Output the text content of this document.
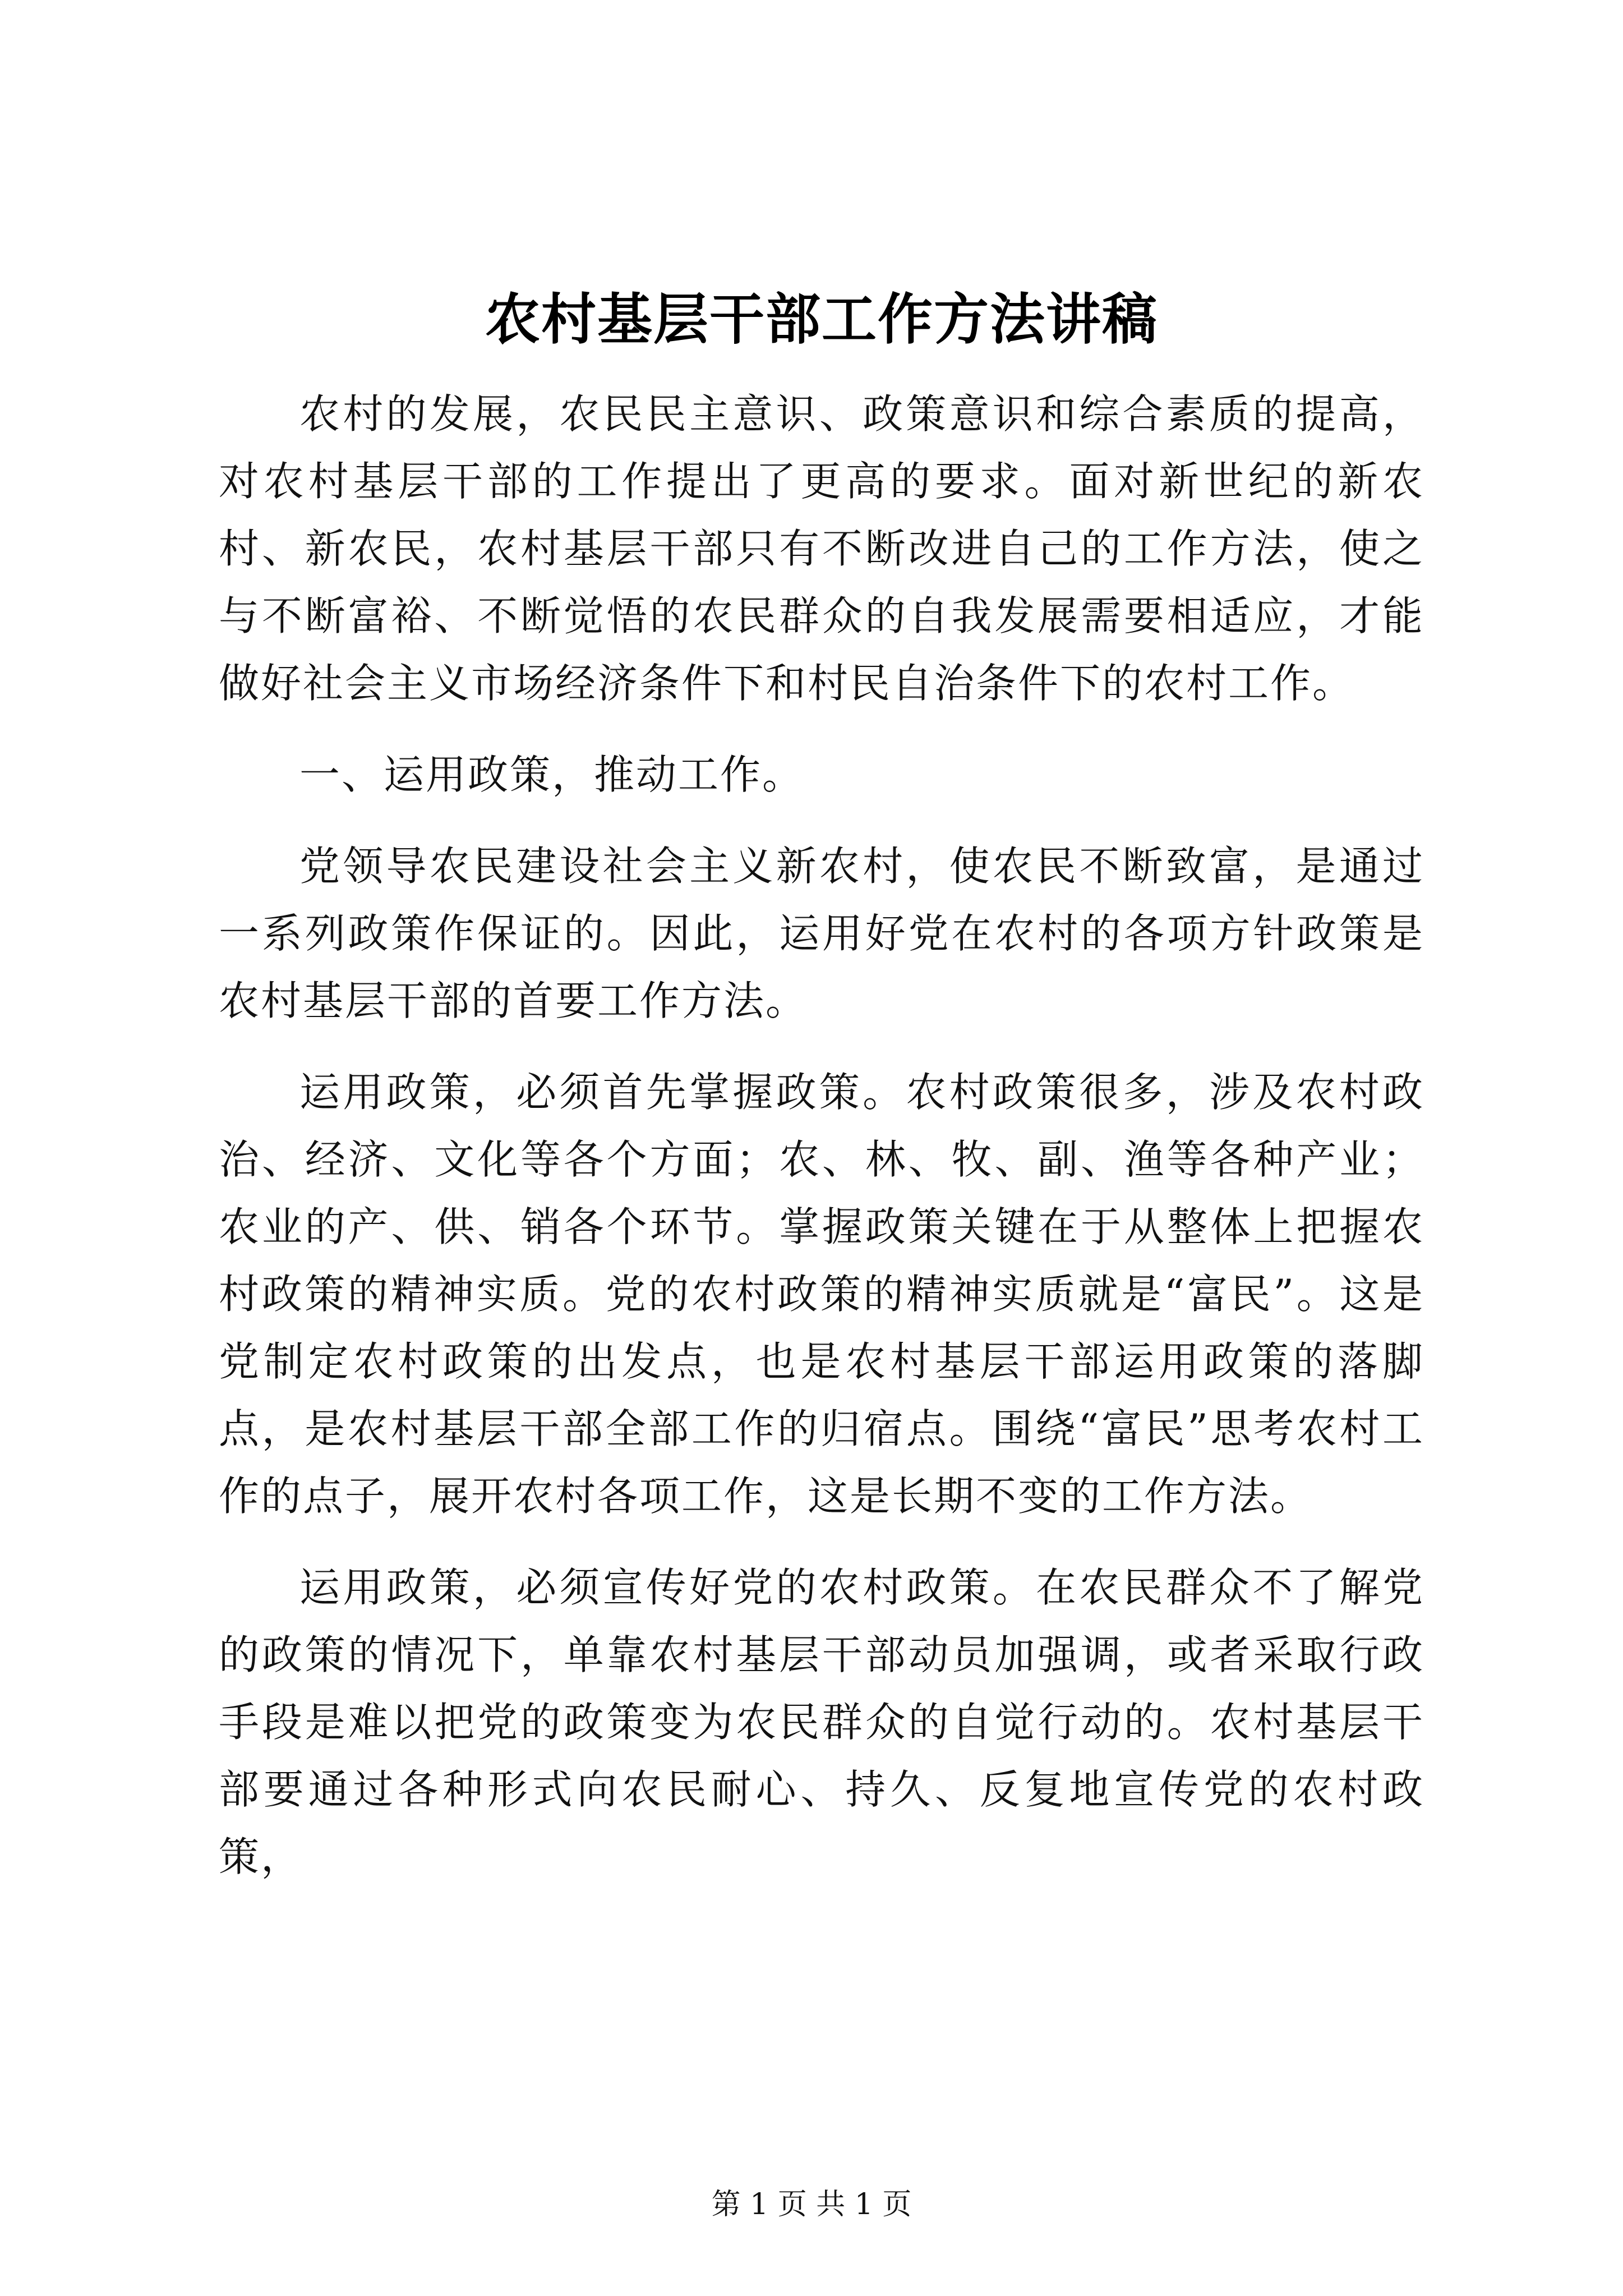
农村基层干部工作方法讲稿

农村的发展，农民民主意识、政策意识和综合素质的提高，对农村基层干部的工作提出了更高的要求。面对新世纪的新农村、新农民，农村基层干部只有不断改进自己的工作方法，使之与不断富裕、不断觉悟的农民群众的自我发展需要相适应，才能做好社会主义市场经济条件下和村民自治条件下的农村工作。

一、运用政策，推动工作。

党领导农民建设社会主义新农村，使农民不断致富，是通过一系列政策作保证的。因此，运用好党在农村的各项方针政策是农村基层干部的首要工作方法。

运用政策，必须首先掌握政策。农村政策很多，涉及农村政治、经济、文化等各个方面；农、林、牧、副、渔等各种产业；农业的产、供、销各个环节。掌握政策关键在于从整体上把握农村政策的精神实质。党的农村政策的精神实质就是“富民”。这是党制定农村政策的出发点，也是农村基层干部运用政策的落脚点，是农村基层干部全部工作的归宿点。围绕“富民”思考农村工作的点子，展开农村各项工作，这是长期不变的工作方法。

运用政策，必须宣传好党的农村政策。在农民群众不了解党的政策的情况下，单靠农村基层干部动员加强调，或者采取行政手段是难以把党的政策变为农民群众的自觉行动的。农村基层干部要通过各种形式向农民耐心、持久、反复地宣传党的农村政策，

第 1 页 共 1 页
